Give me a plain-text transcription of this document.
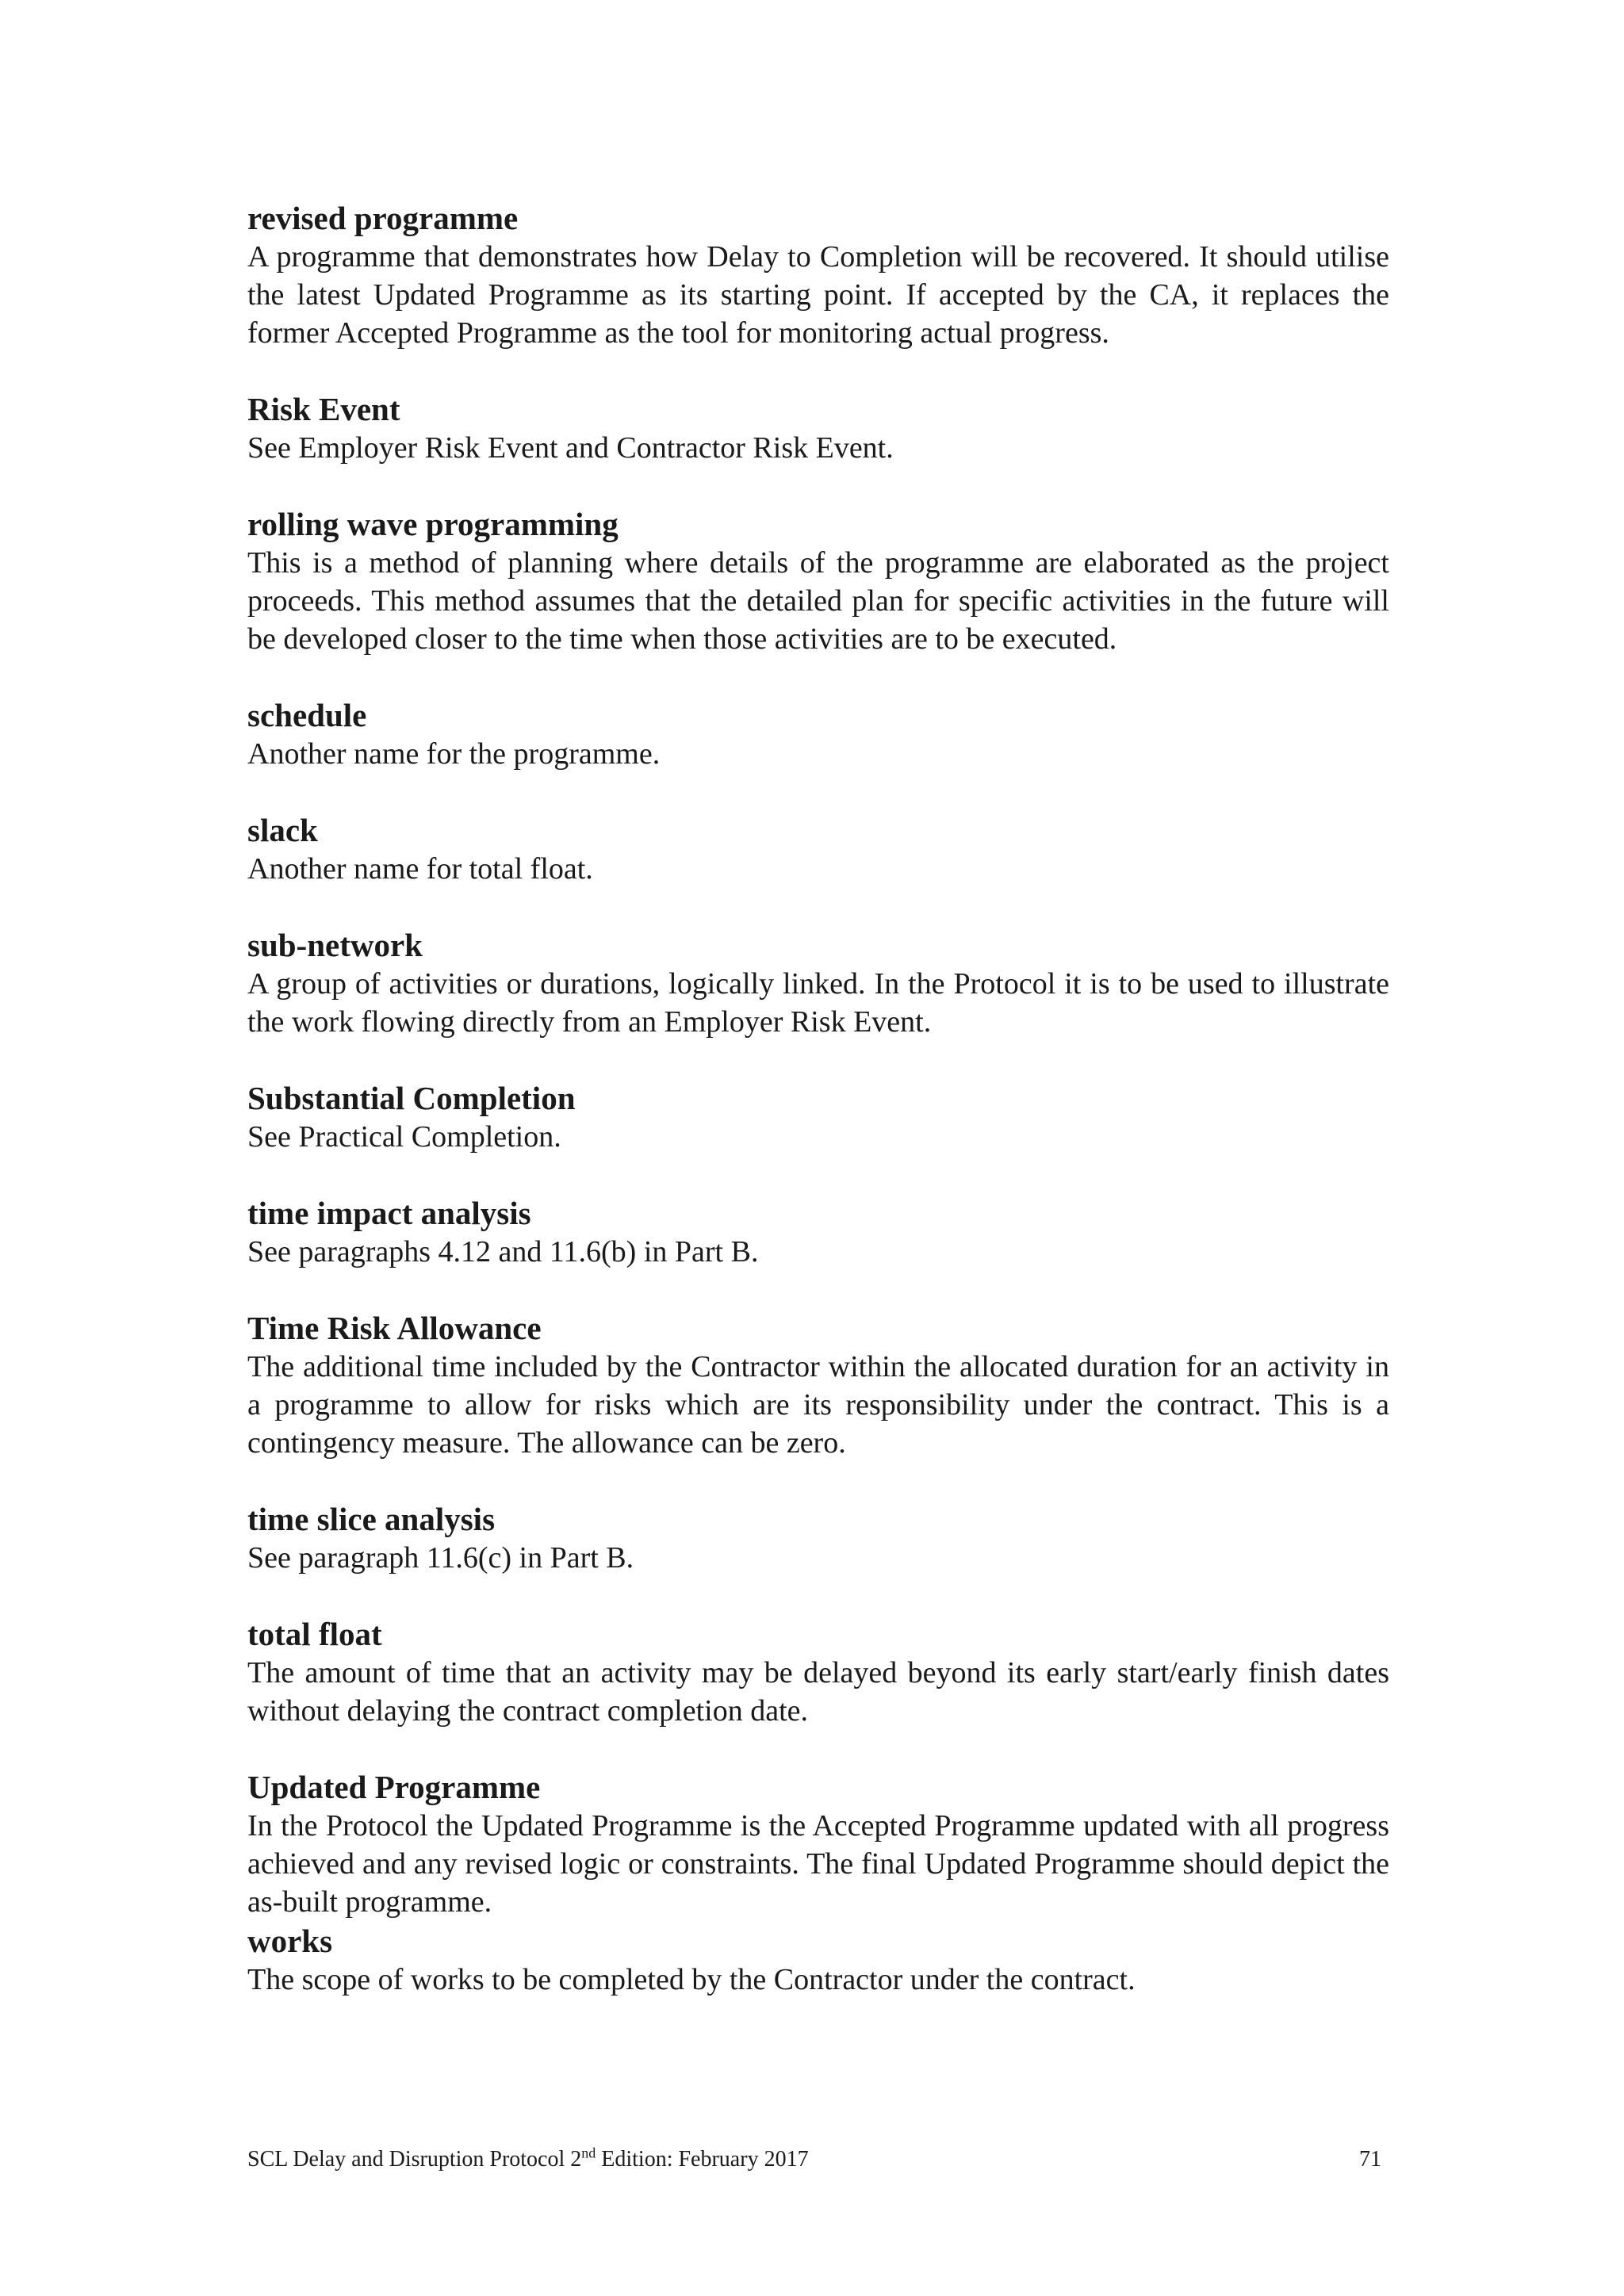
revised programme

A programme that demonstrates how Delay to Completion will be recovered. It should utilise the latest Updated Programme as its starting point. If accepted by the CA, it replaces the former Accepted Programme as the tool for monitoring actual progress.

Risk Event

See Employer Risk Event and Contractor Risk Event.

rolling wave programming

This is a method of planning where details of the programme are elaborated as the project proceeds. This method assumes that the detailed plan for specific activities in the future will be developed closer to the time when those activities are to be executed.

schedule

Another name for the programme.

slack

Another name for total float.

sub-network

A group of activities or durations, logically linked. In the Protocol it is to be used to illustrate the work flowing directly from an Employer Risk Event.

Substantial Completion

See Practical Completion.

time impact analysis

See paragraphs 4.12 and 11.6(b) in Part B.

Time Risk Allowance

The additional time included by the Contractor within the allocated duration for an activity in a programme to allow for risks which are its responsibility under the contract. This is a contingency measure. The allowance can be zero.

time slice analysis

See paragraph 11.6(c) in Part B.

total float

The amount of time that an activity may be delayed beyond its early start/early finish dates without delaying the contract completion date.

Updated Programme

In the Protocol the Updated Programme is the Accepted Programme updated with all progress achieved and any revised logic or constraints. The final Updated Programme should depict the as-built programme.

works

The scope of works to be completed by the Contractor under the contract.

SCL Delay and Disruption Protocol 2nd Edition: February 2017	71
